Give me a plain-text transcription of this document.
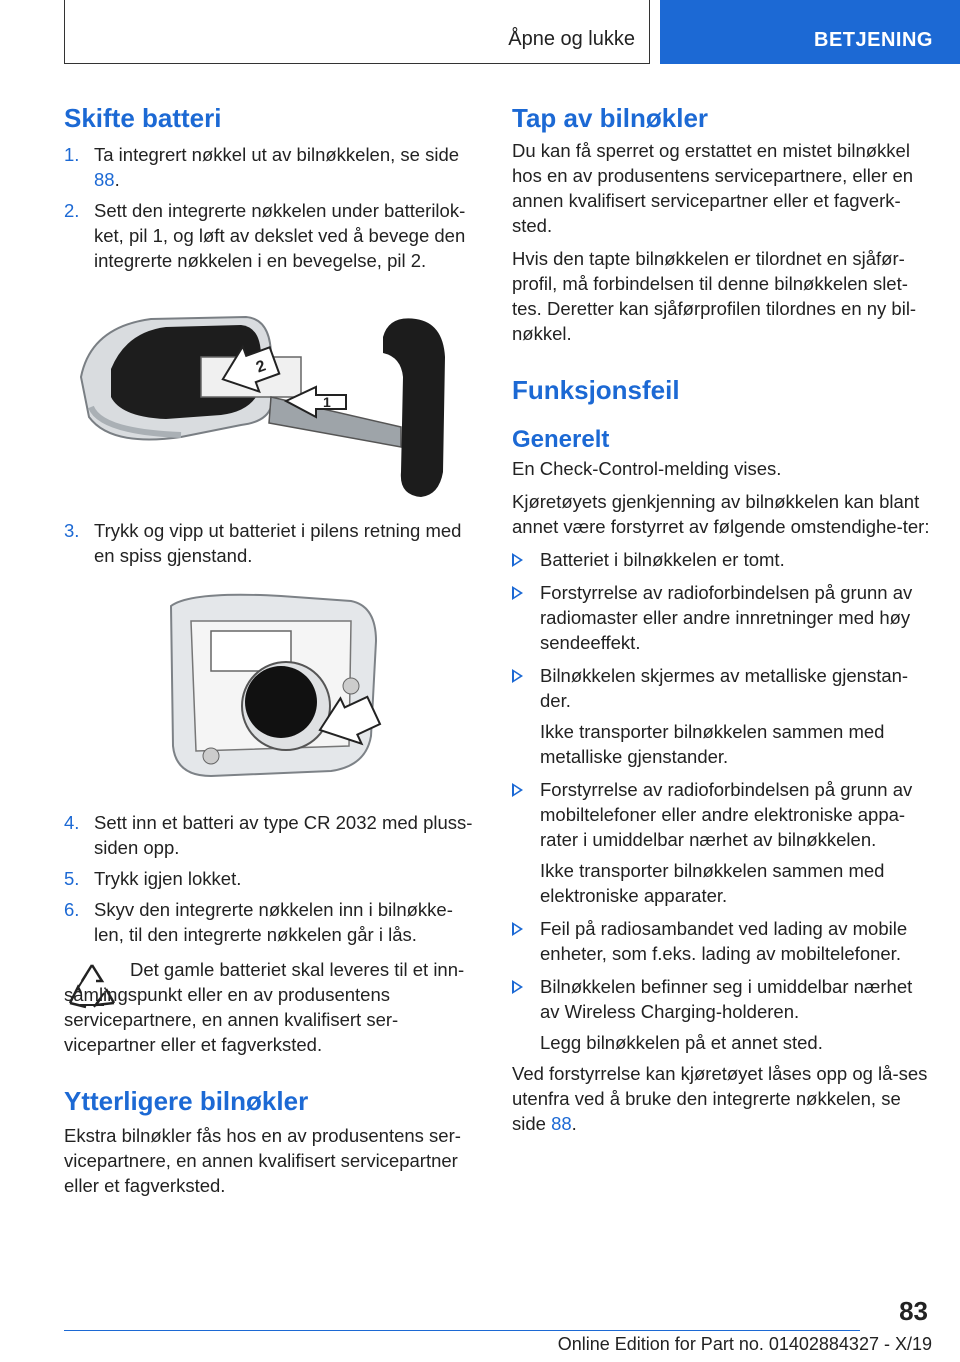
Åpne og lukke	BETJENING
Skifte batteri
1. Ta integrert nøkkel ut av bilnøkkelen, se side 88.
2. Sett den integrerte nøkkelen under batterilok-ket, pil 1, og løft av dekslet ved å bevege den integrerte nøkkelen i en bevegelse, pil 2.
2
1
3. Trykk og vipp ut batteriet i pilens retning med en spiss gjenstand.
4. Sett inn et batteri av type CR 2032 med pluss-siden opp.
5. Trykk igjen lokket.
6. Skyv den integrerte nøkkelen inn i bilnøkke-len, til den integrerte nøkkelen går i lås.

Det gamle batteriet skal leveres til et inn-samlingspunkt eller en av produsentens servicepartnere, en annen kvalifisert ser-vicepartner eller et fagverksted.

Ytterligere bilnøkler

Ekstra bilnøkler fås hos en av produsentens ser-vicepartnere, en annen kvalifisert servicepartner eller et fagverksted.

Tap av bilnøkler

Du kan få sperret og erstattet en mistet bilnøkkel hos en av produsentens servicepartnere, eller en annen kvalifisert servicepartner eller et fagverk-sted.

Hvis den tapte bilnøkkelen er tilordnet en sjåfør-profil, må forbindelsen til denne bilnøkkelen slet-tes. Deretter kan sjåførprofilen tilordnes en ny bil-nøkkel.

Funksjonsfeil
Generelt

En Check-Control-melding vises.

Kjøretøyets gjenkjenning av bilnøkkelen kan blant annet være forstyrret av følgende omstendighe-ter:

Batteriet i bilnøkkelen er tomt.
Forstyrrelse av radioforbindelsen på grunn av radiomaster eller andre innretninger med høy sendeeffekt.
Bilnøkkelen skjermes av metalliske gjenstan-der.

Ikke transporter bilnøkkelen sammen med metalliske gjenstander.

Forstyrrelse av radioforbindelsen på grunn av mobiltelefoner eller andre elektroniske appa-rater i umiddelbar nærhet av bilnøkkelen.

Ikke transporter bilnøkkelen sammen med elektroniske apparater.

Feil på radiosambandet ved lading av mobile enheter, som f.eks. lading av mobiltelefoner.
Bilnøkkelen befinner seg i umiddelbar nærhet av Wireless Charging-holderen.

Legg bilnøkkelen på et annet sted.

Ved forstyrrelse kan kjøretøyet låses opp og lå-ses utenfra ved å bruke den integrerte nøkkelen, se side 88.

83
Online Edition for Part no. 01402884327 - X/19
